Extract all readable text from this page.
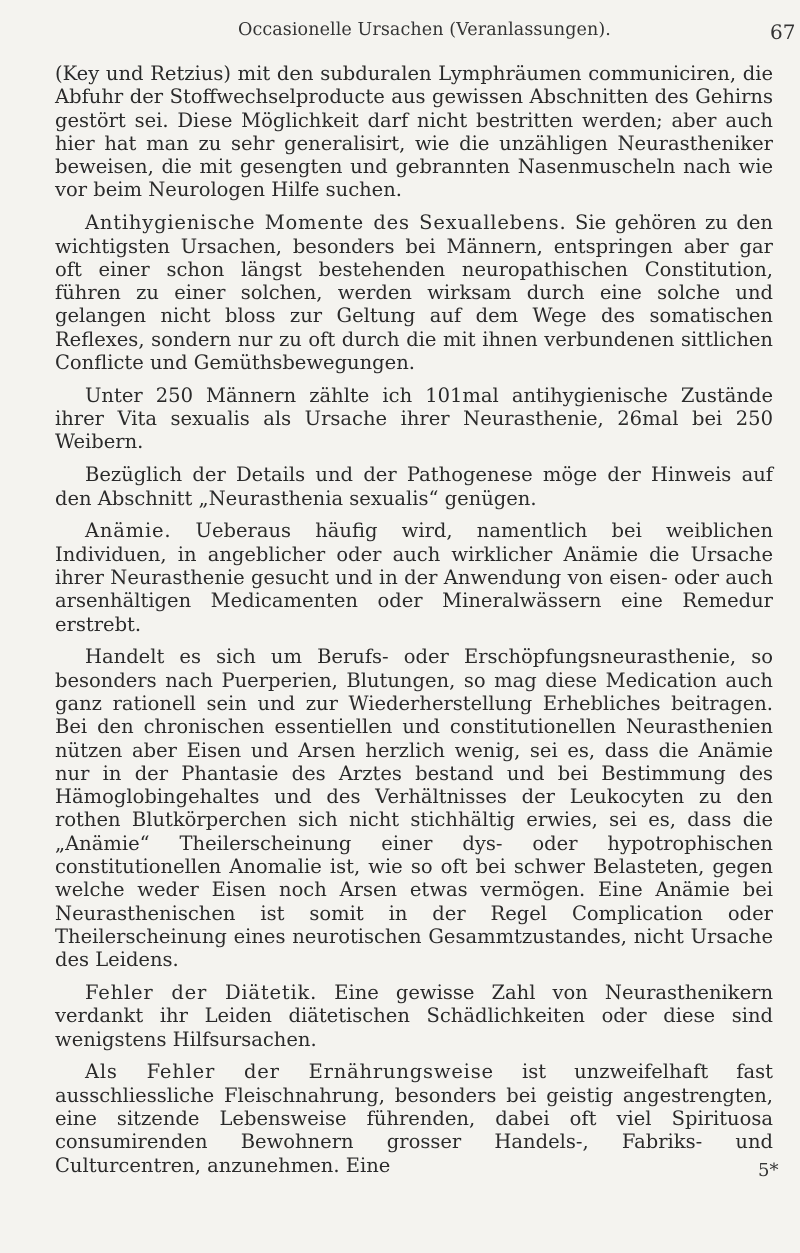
Occasionelle Ursachen (Veranlassungen).	67

(Key und Retzius) mit den subduralen Lymphräumen communiciren, die Abfuhr der Stoffwechselproducte aus gewissen Abschnitten des Gehirns gestört sei. Diese Möglichkeit darf nicht bestritten werden; aber auch hier hat man zu sehr generalisirt, wie die unzähligen Neurastheniker beweisen, die mit gesengten und gebrannten Nasenmuscheln nach wie vor beim Neurologen Hilfe suchen.

Antihygienische Momente des Sexuallebens. Sie gehören zu den wichtigsten Ursachen, besonders bei Männern, entspringen aber gar oft einer schon längst bestehenden neuropathischen Constitution, führen zu einer solchen, werden wirksam durch eine solche und gelangen nicht bloss zur Geltung auf dem Wege des somatischen Reflexes, sondern nur zu oft durch die mit ihnen verbundenen sittlichen Conflicte und Gemüthsbewegungen.

Unter 250 Männern zählte ich 101mal antihygienische Zustände ihrer Vita sexualis als Ursache ihrer Neurasthenie, 26mal bei 250 Weibern.

Bezüglich der Details und der Pathogenese möge der Hinweis auf den Abschnitt „Neurasthenia sexualis“ genügen.

Anämie. Ueberaus häufig wird, namentlich bei weiblichen Individuen, in angeblicher oder auch wirklicher Anämie die Ursache ihrer Neurasthenie gesucht und in der Anwendung von eisen- oder auch arsenhältigen Medicamenten oder Mineralwässern eine Remedur erstrebt.

Handelt es sich um Berufs- oder Erschöpfungsneurasthenie, so besonders nach Puerperien, Blutungen, so mag diese Medication auch ganz rationell sein und zur Wiederherstellung Erhebliches beitragen. Bei den chronischen essentiellen und constitutionellen Neurasthenien nützen aber Eisen und Arsen herzlich wenig, sei es, dass die Anämie nur in der Phantasie des Arztes bestand und bei Bestimmung des Hämoglobingehaltes und des Verhältnisses der Leukocyten zu den rothen Blutkörperchen sich nicht stichhältig erwies, sei es, dass die „Anämie“ Theilerscheinung einer dys- oder hypotrophischen constitutionellen Anomalie ist, wie so oft bei schwer Belasteten, gegen welche weder Eisen noch Arsen etwas vermögen. Eine Anämie bei Neurasthenischen ist somit in der Regel Complication oder Theilerscheinung eines neurotischen Gesammtzustandes, nicht Ursache des Leidens.

Fehler der Diätetik. Eine gewisse Zahl von Neurasthenikern verdankt ihr Leiden diätetischen Schädlichkeiten oder diese sind wenigstens Hilfsursachen.

Als Fehler der Ernährungsweise ist unzweifelhaft fast ausschliessliche Fleischnahrung, besonders bei geistig angestrengten, eine sitzende Lebensweise führenden, dabei oft viel Spirituosa consumirenden Bewohnern grosser Handels-, Fabriks- und Culturcentren, anzunehmen. Eine	5*
